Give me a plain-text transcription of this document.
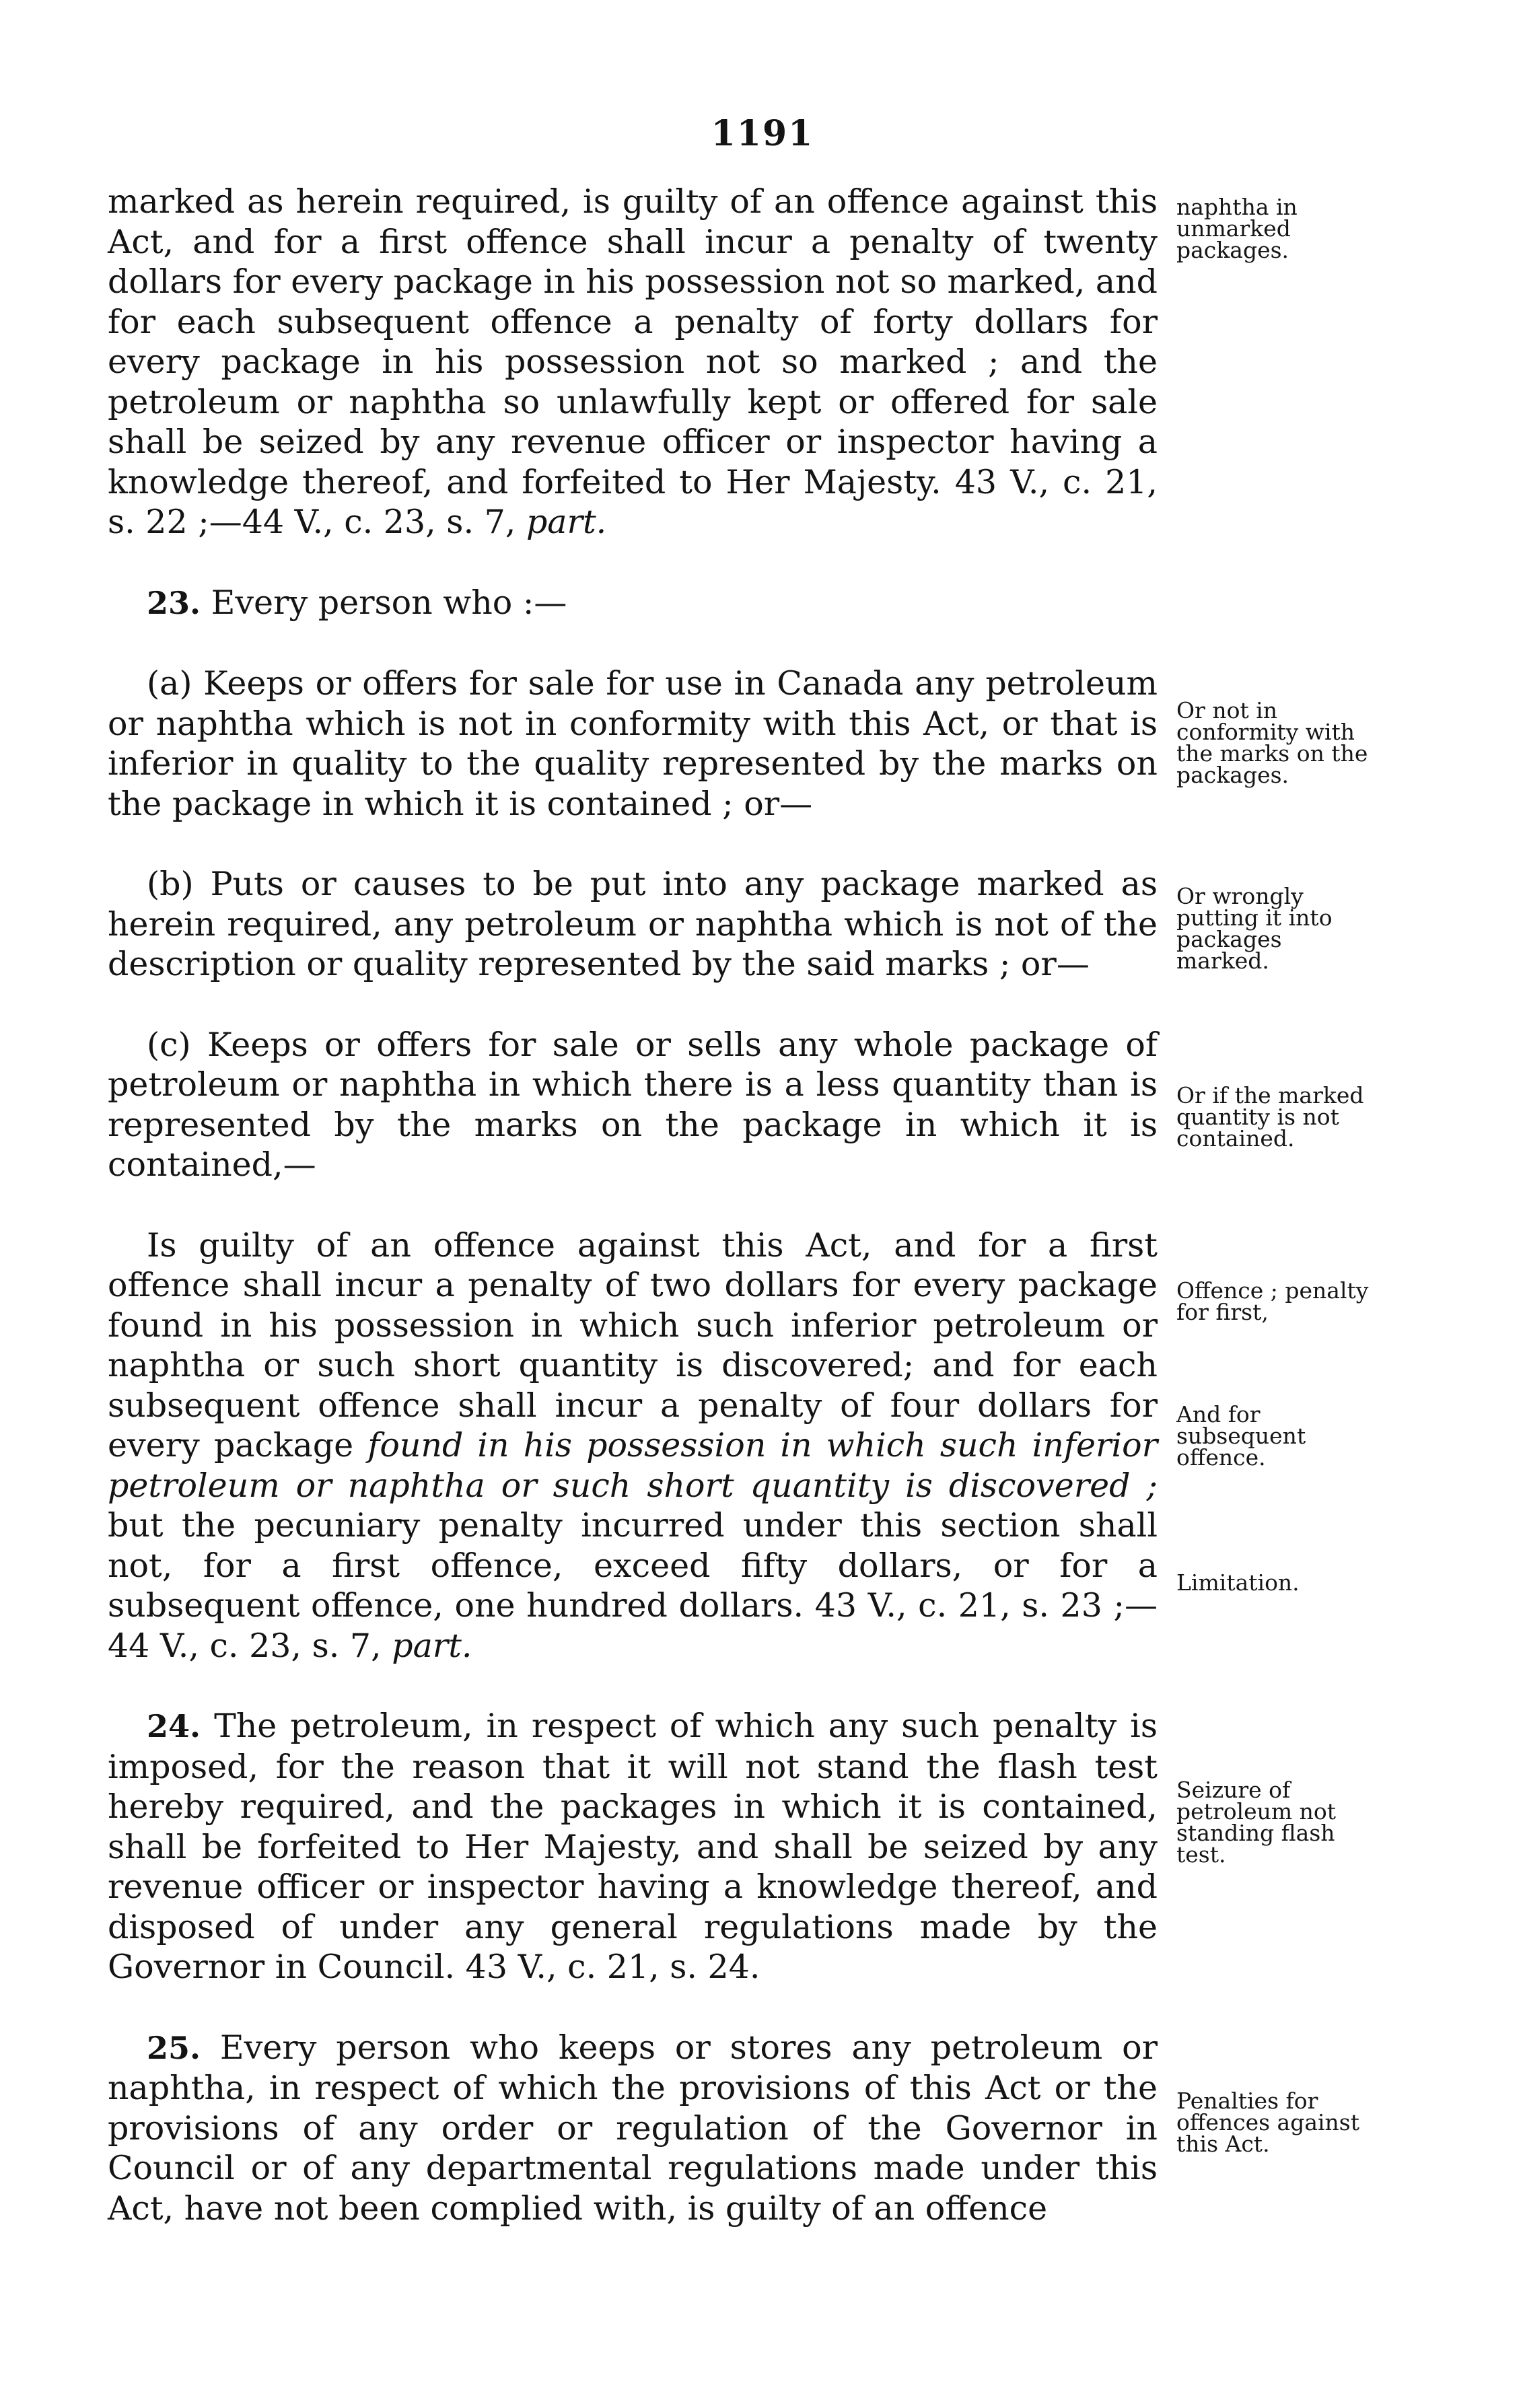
1191

marked as herein required, is guilty of an offence against this Act, and for a first offence shall incur a penalty of twenty dollars for every package in his possession not so marked, and for each subsequent offence a penalty of forty dollars for every package in his possession not so marked ; and the petroleum or naphtha so unlawfully kept or offered for sale shall be seized by any revenue officer or inspector having a knowledge thereof, and forfeited to Her Majesty. 43 V., c. 21, s. 22 ;—44 V., c. 23, s. 7, part.

23. Every person who :—

(a) Keeps or offers for sale for use in Canada any petroleum or naphtha which is not in conformity with this Act, or that is inferior in quality to the quality represented by the marks on the package in which it is contained ; or—

(b) Puts or causes to be put into any package marked as herein required, any petroleum or naphtha which is not of the description or quality represented by the said marks ; or—

(c) Keeps or offers for sale or sells any whole package of petroleum or naphtha in which there is a less quantity than is represented by the marks on the package in which it is contained,—

Is guilty of an offence against this Act, and for a first offence shall incur a penalty of two dollars for every package found in his possession in which such inferior petroleum or naphtha or such short quantity is discovered; and for each subsequent offence shall incur a penalty of four dollars for every package found in his possession in which such inferior petroleum or naphtha or such short quantity is discovered ; but the pecuniary penalty incurred under this section shall not, for a first offence, exceed fifty dollars, or for a subsequent offence, one hundred dollars. 43 V., c. 21, s. 23 ;—44 V., c. 23, s. 7, part.

24. The petroleum, in respect of which any such penalty is imposed, for the reason that it will not stand the flash test hereby required, and the packages in which it is contained, shall be forfeited to Her Majesty, and shall be seized by any revenue officer or inspector having a knowledge thereof, and disposed of under any general regulations made by the Governor in Council. 43 V., c. 21, s. 24.

25. Every person who keeps or stores any petroleum or naphtha, in respect of which the provisions of this Act or the provisions of any order or regulation of the Governor in Council or of any departmental regulations made under this Act, have not been complied with, is guilty of an offence

naphtha in unmarked packages.
Or not in conformity with the marks on the packages.
Or wrongly putting it into packages marked.
Or if the marked quantity is not contained.
Offence ; penalty for first,
And for subsequent offence.
Limitation.
Seizure of petroleum not standing flash test.
Penalties for offences against this Act.
